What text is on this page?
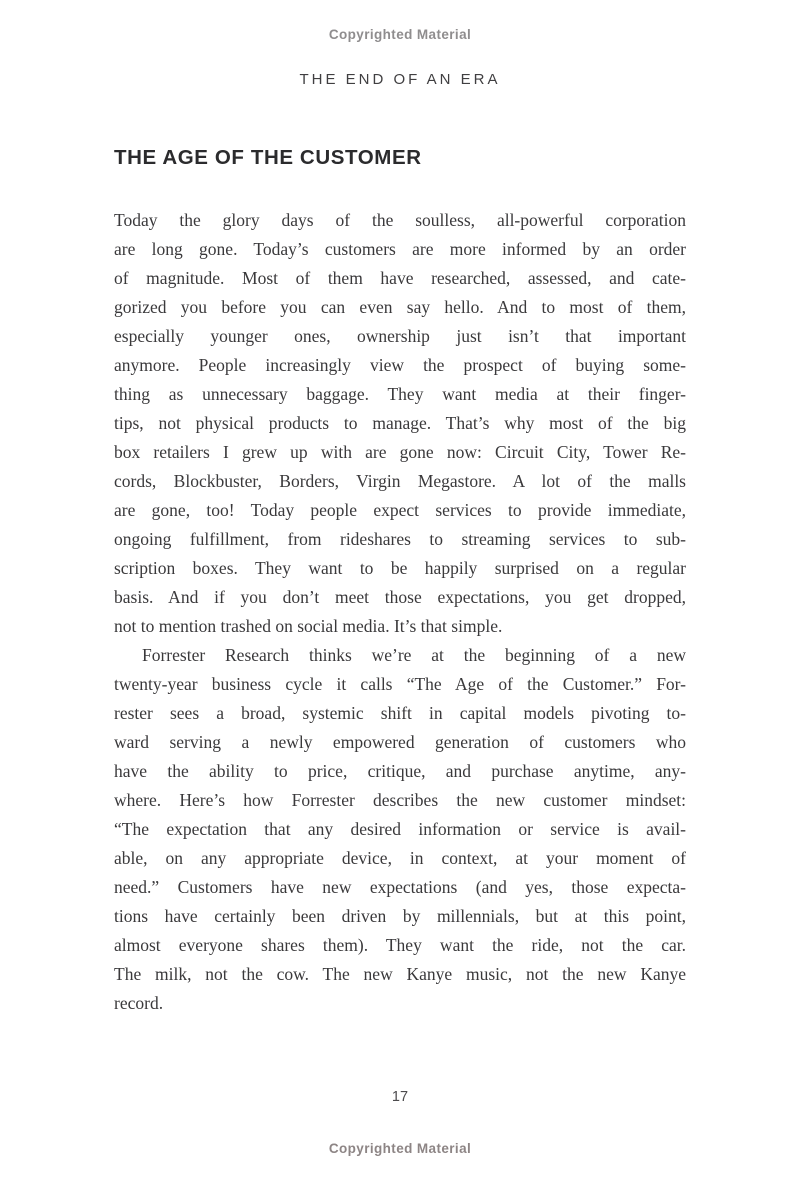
Copyrighted Material
THE END OF AN ERA
THE AGE OF THE CUSTOMER
Today the glory days of the soulless, all-powerful corporation
are long gone. Today’s customers are more informed by an order
of magnitude. Most of them have researched, assessed, and cate-
gorized you before you can even say hello. And to most of them,
especially younger ones, ownership just isn’t that important
anymore. People increasingly view the prospect of buying some-
thing as unnecessary baggage. They want media at their finger-
tips, not physical products to manage. That’s why most of the big
box retailers I grew up with are gone now: Circuit City, Tower Re-
cords, Blockbuster, Borders, Virgin Megastore. A lot of the malls
are gone, too! Today people expect services to provide immediate,
ongoing fulfillment, from rideshares to streaming services to sub-
scription boxes. They want to be happily surprised on a regular
basis. And if you don’t meet those expectations, you get dropped,
not to mention trashed on social media. It’s that simple.
Forrester Research thinks we’re at the beginning of a new
twenty-year business cycle it calls “The Age of the Customer.” For-
rester sees a broad, systemic shift in capital models pivoting to-
ward serving a newly empowered generation of customers who
have the ability to price, critique, and purchase anytime, any-
where. Here’s how Forrester describes the new customer mindset:
“The expectation that any desired information or service is avail-
able, on any appropriate device, in context, at your moment of
need.” Customers have new expectations (and yes, those expecta-
tions have certainly been driven by millennials, but at this point,
almost everyone shares them). They want the ride, not the car.
The milk, not the cow. The new Kanye music, not the new Kanye
record.
17
Copyrighted Material
